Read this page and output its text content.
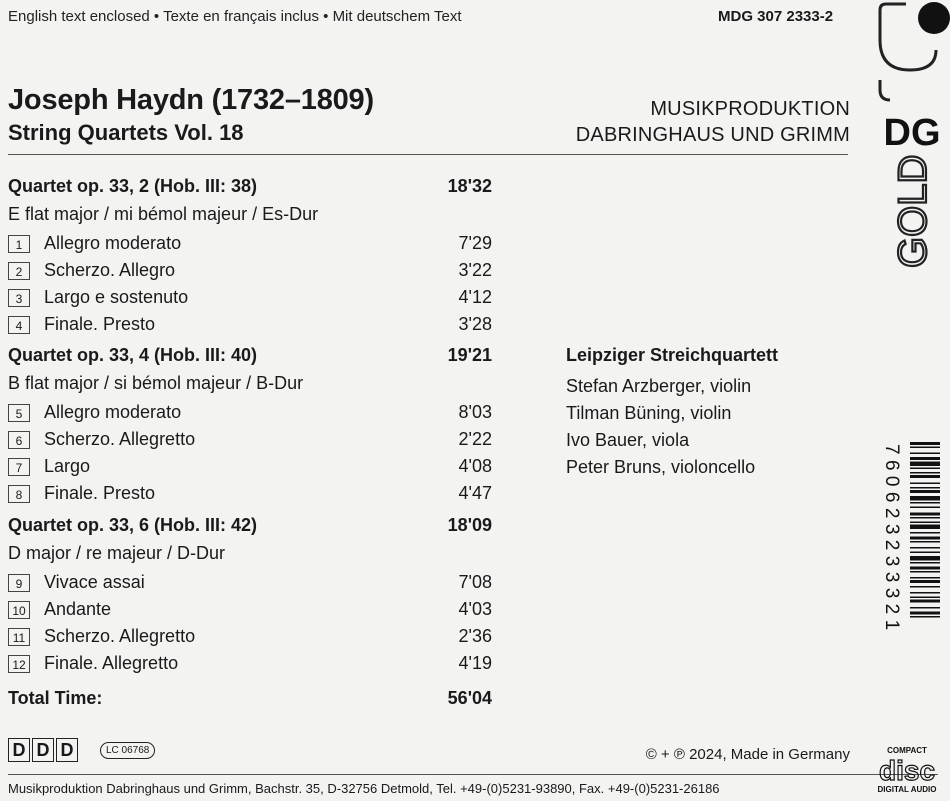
English text enclosed • Texte en français inclus • Mit deutschem Text	MDG 307 2333-2
Joseph Haydn (1732–1809)
String Quartets Vol. 18
MUSIKPRODUKTION
DABRINGHAUS UND GRIMM DG
GOLD
Quartet op. 33, 2 (Hob. III: 38)	18'32
E flat major / mi bémol majeur / Es-Dur
1	Allegro moderato	7'29
2	Scherzo. Allegro	3'22
3	Largo e sostenuto	4'12
4	Finale. Presto	3'28
Quartet op. 33, 4 (Hob. III: 40)	19'21
B flat major / si bémol majeur / B-Dur
5	Allegro moderato	8'03
6	Scherzo. Allegretto	2'22
7	Largo	4'08
8	Finale. Presto	4'47
Quartet op. 33, 6 (Hob. III: 42)	18'09
D major / re majeur / D-Dur
9	Vivace assai	7'08
10 Andante	4'03
11 Scherzo. Allegretto	2'36
12 Finale. Allegretto	4'19
Total Time:	56'04
Leipziger Streichquartett
Stefan Arzberger, violin
Tilman Büning, violin
Ivo Bauer, viola
Peter Bruns, violoncello	760623233321
D D D	LC 06768	© + ℗ 2024, Made in Germany
Musikproduktion Dabringhaus und Grimm, Bachstr. 35, D-32756 Detmold, Tel. +49-(0)5231-93890, Fax. +49-(0)5231-26186
COMPACT
disc
DIGITAL AUDIO
